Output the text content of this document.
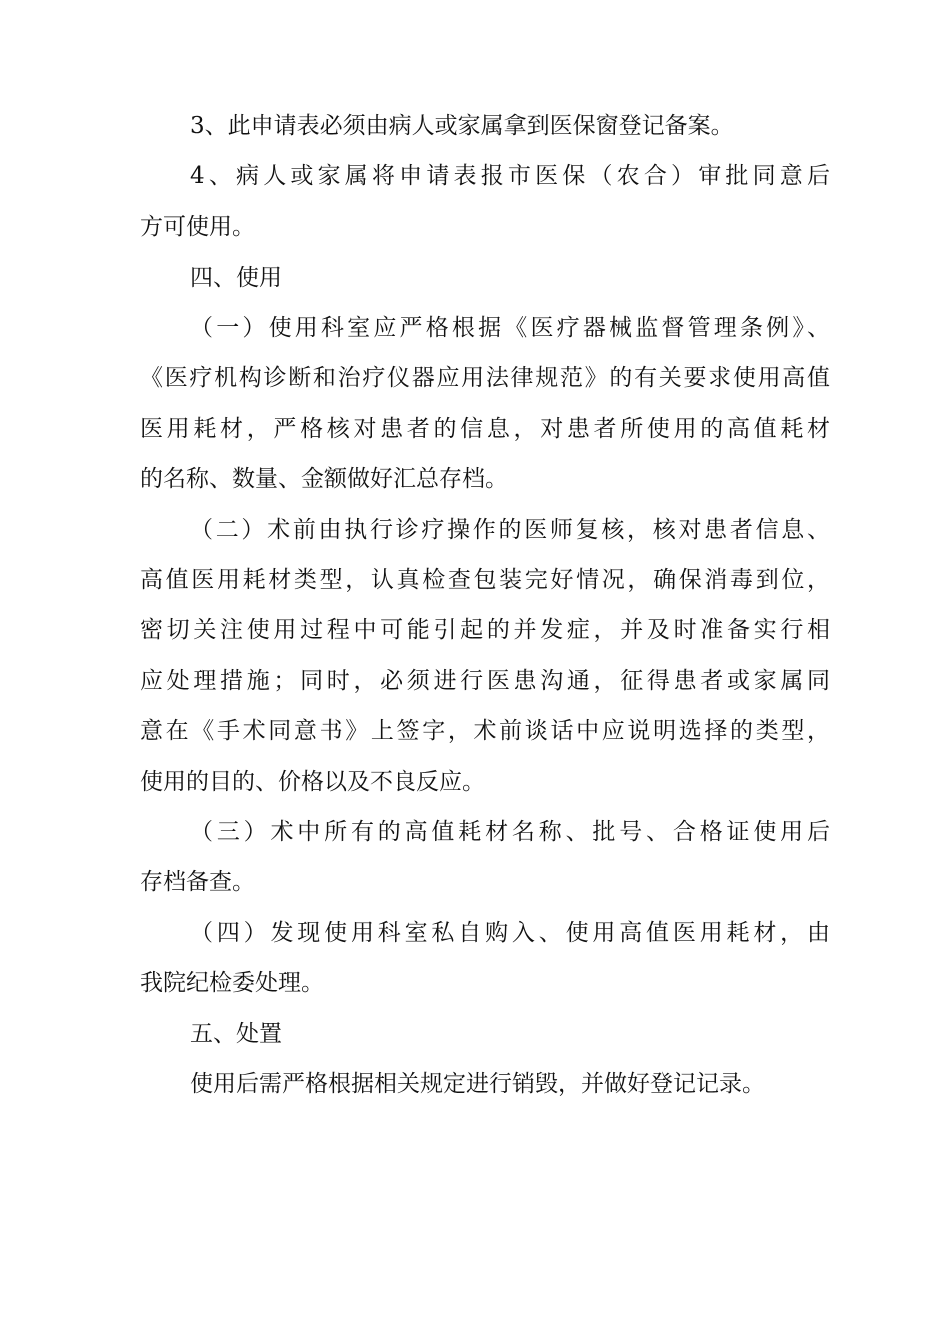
3、此申请表必须由病人或家属拿到医保窗登记备案。
4、病人或家属将申请表报市医保（农合）审批同意后
方可使用。
四、使用
（一）使用科室应严格根据《医疗器械监督管理条例》、
《医疗机构诊断和治疗仪器应用法律规范》的有关要求使用高值
医用耗材，严格核对患者的信息，对患者所使用的高值耗材
的名称、数量、金额做好汇总存档。
（二）术前由执行诊疗操作的医师复核，核对患者信息、
高值医用耗材类型，认真检查包装完好情况，确保消毒到位，
密切关注使用过程中可能引起的并发症，并及时准备实行相
应处理措施；同时，必须进行医患沟通，征得患者或家属同
意在《手术同意书》上签字，术前谈话中应说明选择的类型，
使用的目的、价格以及不良反应。
（三）术中所有的高值耗材名称、批号、合格证使用后
存档备查。
（四）发现使用科室私自购入、使用高值医用耗材，由
我院纪检委处理。
五、处置
使用后需严格根据相关规定进行销毁，并做好登记记录。
